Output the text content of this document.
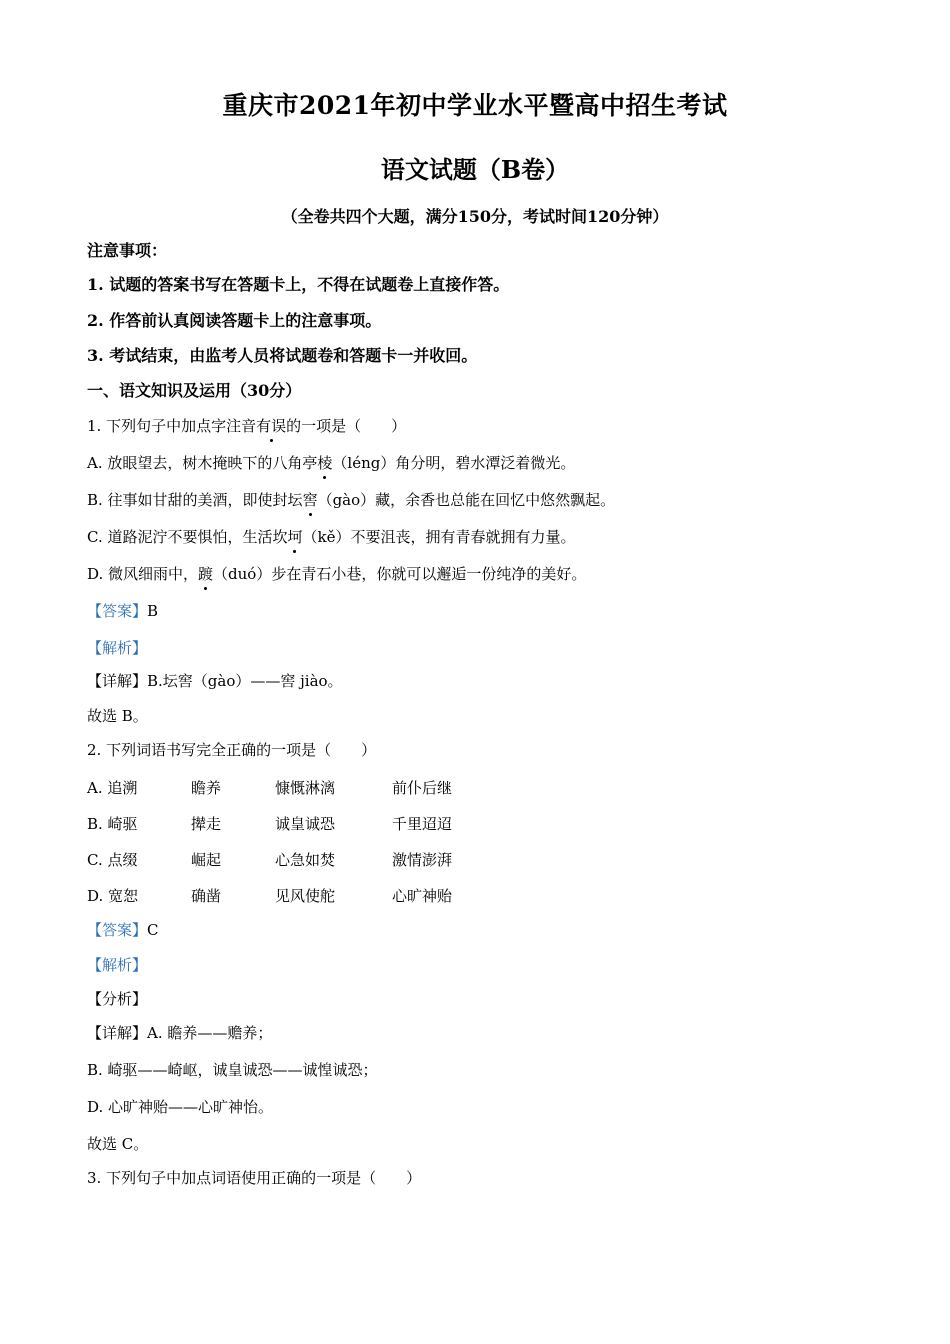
重庆市2021年初中学业水平暨高中招生考试
语文试题（B卷）
（全卷共四个大题，满分150分，考试时间120分钟）
注意事项：
1. 试题的答案书写在答题卡上，不得在试题卷上直接作答。
2. 作答前认真阅读答题卡上的注意事项。
3. 考试结束，由监考人员将试题卷和答题卡一并收回。
一、语文知识及运用（30分）
1. 下列句子中加点字注音有误的一项是（　　）
A. 放眼望去，树木掩映下的八角亭棱（léng）角分明，碧水潭泛着微光。
B. 往事如甘甜的美酒，即使封坛窖（gào）藏，余香也总能在回忆中悠然飘起。
C. 道路泥泞不要惧怕，生活坎坷（kě）不要沮丧，拥有青春就拥有力量。
D. 微风细雨中，踱（duó）步在青石小巷，你就可以邂逅一份纯净的美好。
【答案】B
【解析】
【详解】B.坛窖（gào）——窖 jiào。
故选 B。
2. 下列词语书写完全正确的一项是（　　）
A. 追溯	瞻养	慷慨淋漓	前仆后继
B. 崎驱	撵走	诚皇诚恐	千里迢迢
C. 点缀	崛起	心急如焚	激情澎湃
D. 宽恕	确凿	见风使舵	心旷神贻
【答案】C
【解析】
【分析】
【详解】A. 瞻养——赡养；
B. 崎驱——崎岖，诚皇诚恐——诚惶诚恐；
D. 心旷神贻——心旷神怡。
故选 C。
3. 下列句子中加点词语使用正确的一项是（　　）
